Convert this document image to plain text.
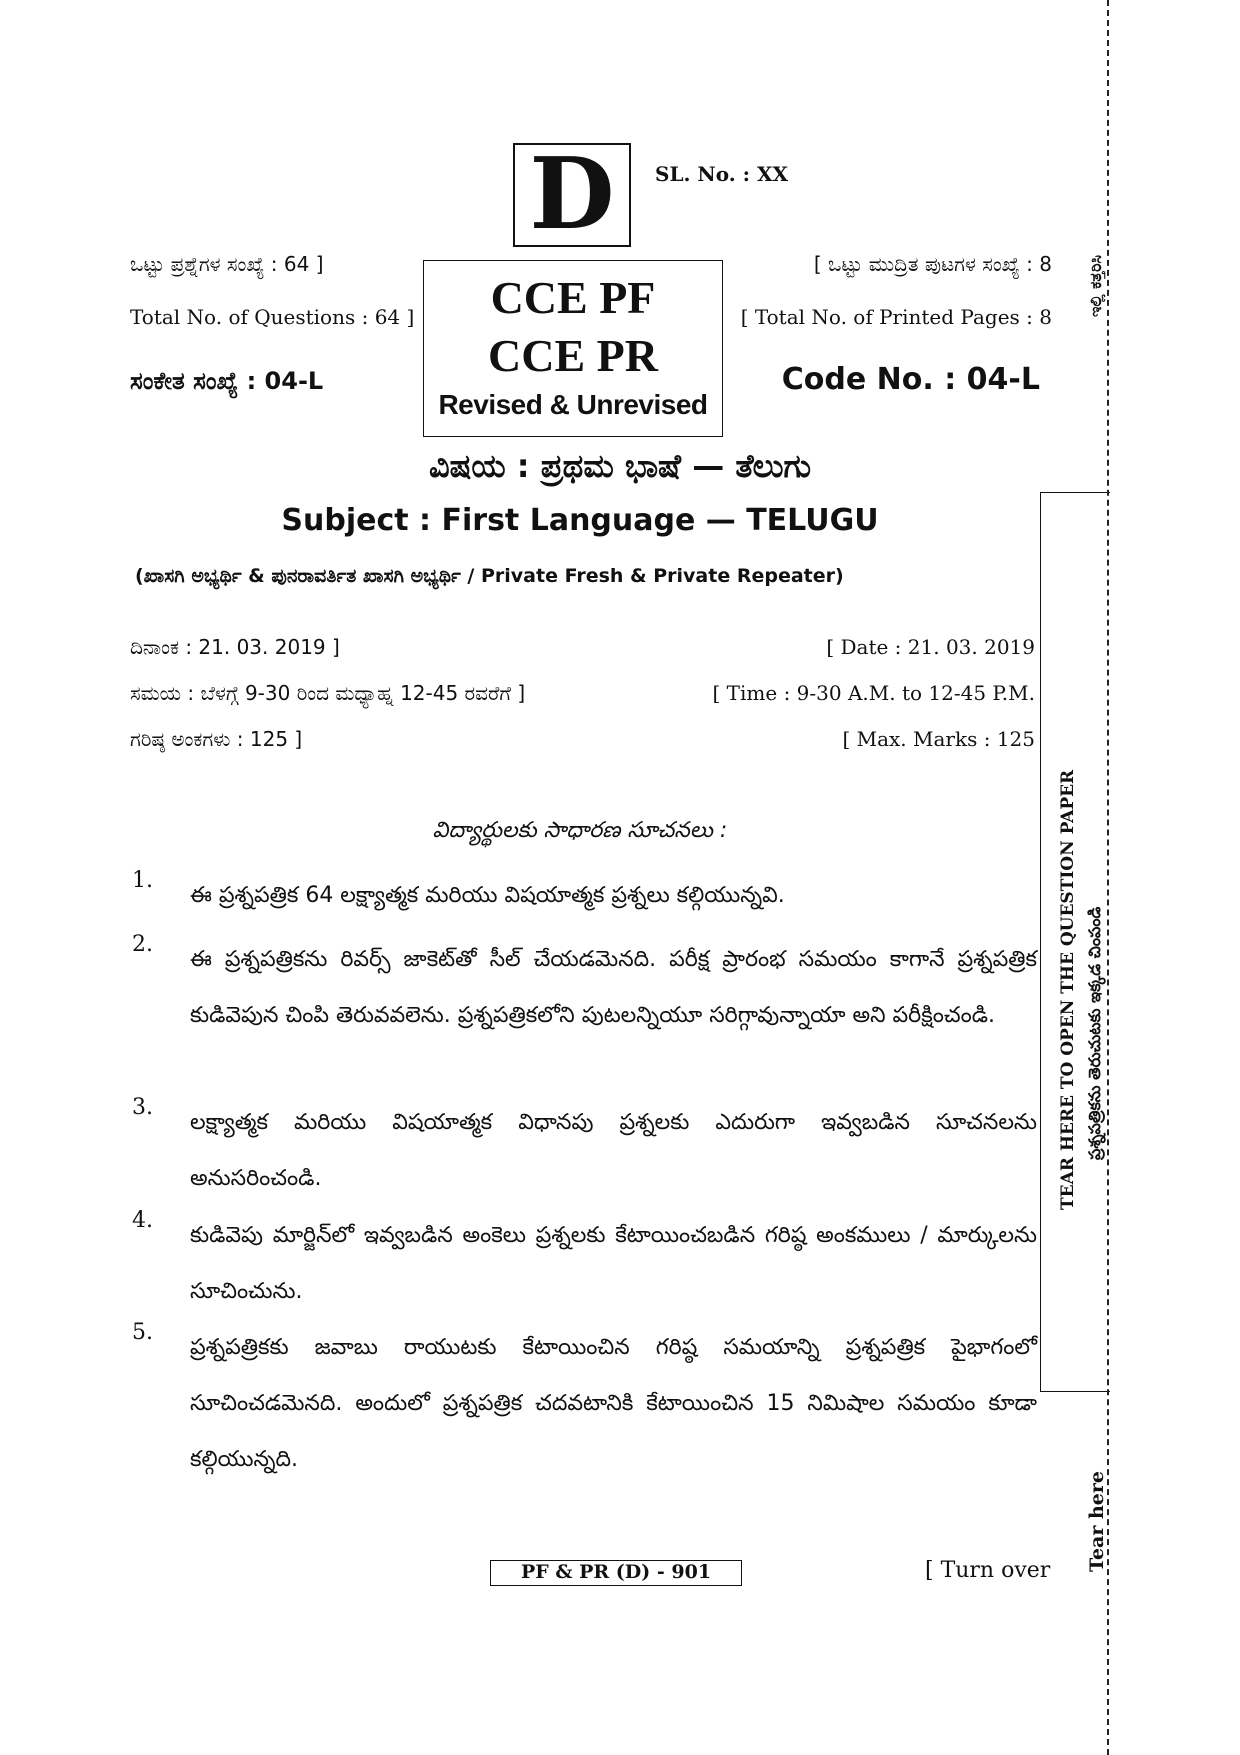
D SL. No. : XX
ಒಟ್ಟು ಪ್ರಶ್ನೆಗಳ ಸಂಖ್ಯೆ : 64 ]
Total No. of Questions : 64 ]
ಸಂಕೇತ ಸಂಖ್ಯೆ : 04-L
CCE PF
CCE PR
Revised & Unrevised
[ ಒಟ್ಟು ಮುದ್ರಿತ ಪುಟಗಳ ಸಂಖ್ಯೆ : 8
[ Total No. of Printed Pages : 8
Code No. : 04-L
ವಿಷಯ : ಪ್ರಥಮ ಭಾಷೆ — ತೆಲುಗು
Subject : First Language — TELUGU
(ಖಾಸಗಿ ಅಭ್ಯರ್ಥಿ & ಪುನರಾವರ್ತಿತ ಖಾಸಗಿ ಅಭ್ಯರ್ಥಿ / Private Fresh & Private Repeater)
ದಿನಾಂಕ : 21. 03. 2019 ]	[ Date : 21. 03. 2019
ಸಮಯ : ಬೆಳಗ್ಗೆ 9-30 ರಿಂದ ಮಧ್ಯಾಹ್ನ 12-45 ರವರೆಗೆ ]	[ Time : 9-30 A.M. to 12-45 P.M.
ಗರಿಷ್ಠ ಅಂಕಗಳು : 125 ]	[ Max. Marks : 125
విద్యార్థులకు సాధారణ సూచనలు :
1.
ఈ ప్రశ్నపత్రిక 64 లక్ష్యాత్మక మరియు విషయాత్మక ప్రశ్నలు కల్గియున్నవి.
2.
ఈ ప్రశ్నపత్రికను రివర్స్ జాకెట్‌తో సీల్ చేయడమెనది. పరీక్ష ప్రారంభ సమయం కాగానే ప్రశ్నపత్రిక కుడివెపున చింపి తెరువవలెను. ప్రశ్నపత్రికలోని పుటలన్నియూ సరిగ్గావున్నాయా అని పరీక్షించండి.
3.
లక్ష్యాత్మక మరియు విషయాత్మక విధానపు ప్రశ్నలకు ఎదురుగా ఇవ్వబడిన సూచనలను అనుసరించండి.
4.
కుడివెపు మార్జిన్‌లో ఇవ్వబడిన అంకెలు ప్రశ్నలకు కేటాయించబడిన గరిష్ఠ అంకములు / మార్కులను సూచించును.
5.
ప్రశ్నపత్రికకు జవాబు రాయుటకు కేటాయించిన గరిష్ఠ సమయాన్ని ప్రశ్నపత్రిక పైభాగంలో సూచించడమెనది. అందులో ప్రశ్నపత్రిక చదవటానికి కేటాయించిన 15 నిమిషాల సమయం కూడా కల్గియున్నది.
PF & PR (D) - 901	[ Turn over
TEAR HERE TO OPEN THE QUESTION PAPER ప్రశ్నపత్రికను తెరుచుటకు ఇక్కడ చింపండి
Tear here
ಇಲ್ಲಿ ಕತ್ತರಿಸಿ
